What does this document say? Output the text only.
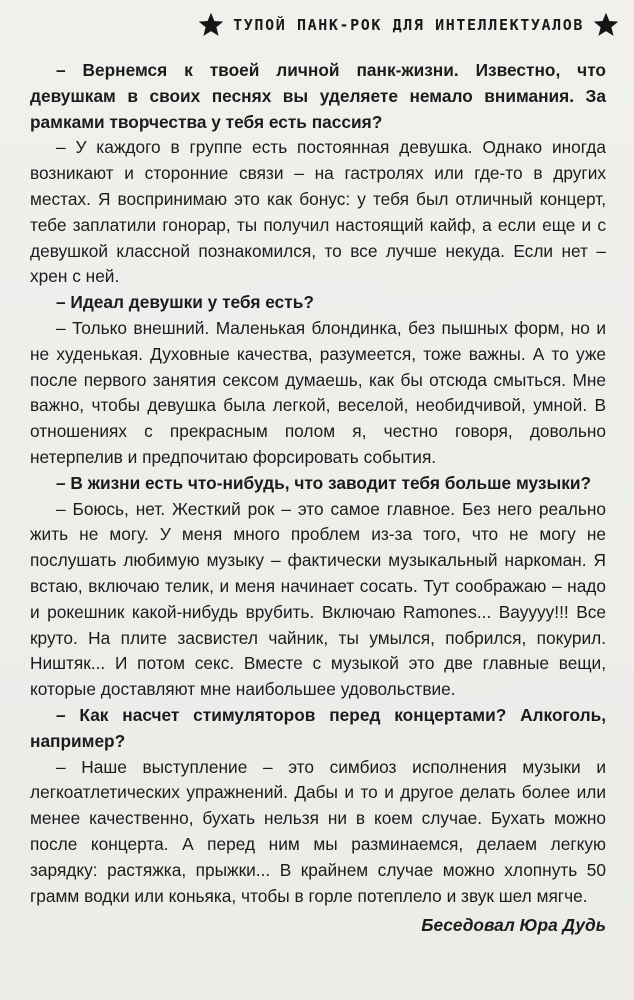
ТУПОЙ ПАНК-РОК ДЛЯ ИНТЕЛЛЕКТУАЛОВ

– Вернемся к твоей личной панк-жизни. Известно, что девушкам в своих песнях вы уделяете немало внимания. За рамками творчества у тебя есть пассия?

– У каждого в группе есть постоянная девушка. Однако иногда возникают и сторонние связи – на гастролях или где-то в других местах. Я воспринимаю это как бонус: у тебя был отличный концерт, тебе заплатили гонорар, ты получил настоящий кайф, а если еще и с девушкой классной познакомился, то все лучше некуда. Если нет – хрен с ней.

– Идеал девушки у тебя есть?

– Только внешний. Маленькая блондинка, без пышных форм, но и не худенькая. Духовные качества, разумеется, тоже важны. А то уже после первого занятия сексом думаешь, как бы отсюда смыться. Мне важно, чтобы девушка была легкой, веселой, необидчивой, умной. В отношениях с прекрасным полом я, честно говоря, довольно нетерпелив и предпочитаю форсировать события.

– В жизни есть что-нибудь, что заводит тебя больше музыки?

– Боюсь, нет. Жесткий рок – это самое главное. Без него реально жить не могу. У меня много проблем из-за того, что не могу не послушать любимую музыку – фактически музыкальный наркоман. Я встаю, включаю телик, и меня начинает сосать. Тут соображаю – надо и рокешник какой-нибудь врубить. Включаю Ramones... Вауууу!!! Все круто. На плите засвистел чайник, ты умылся, побрился, покурил. Ништяк... И потом секс. Вместе с музыкой это две главные вещи, которые доставляют мне наибольшее удовольствие.

– Как насчет стимуляторов перед концертами? Алкоголь, например?

– Наше выступление – это симбиоз исполнения музыки и легкоатлетических упражнений. Дабы и то и другое делать более или менее качественно, бухать нельзя ни в коем случае. Бухать можно после концерта. А перед ним мы разминаемся, делаем легкую зарядку: растяжка, прыжки... В крайнем случае можно хлопнуть 50 грамм водки или коньяка, чтобы в горле потеплело и звук шел мягче.

Беседовал Юра Дудь
